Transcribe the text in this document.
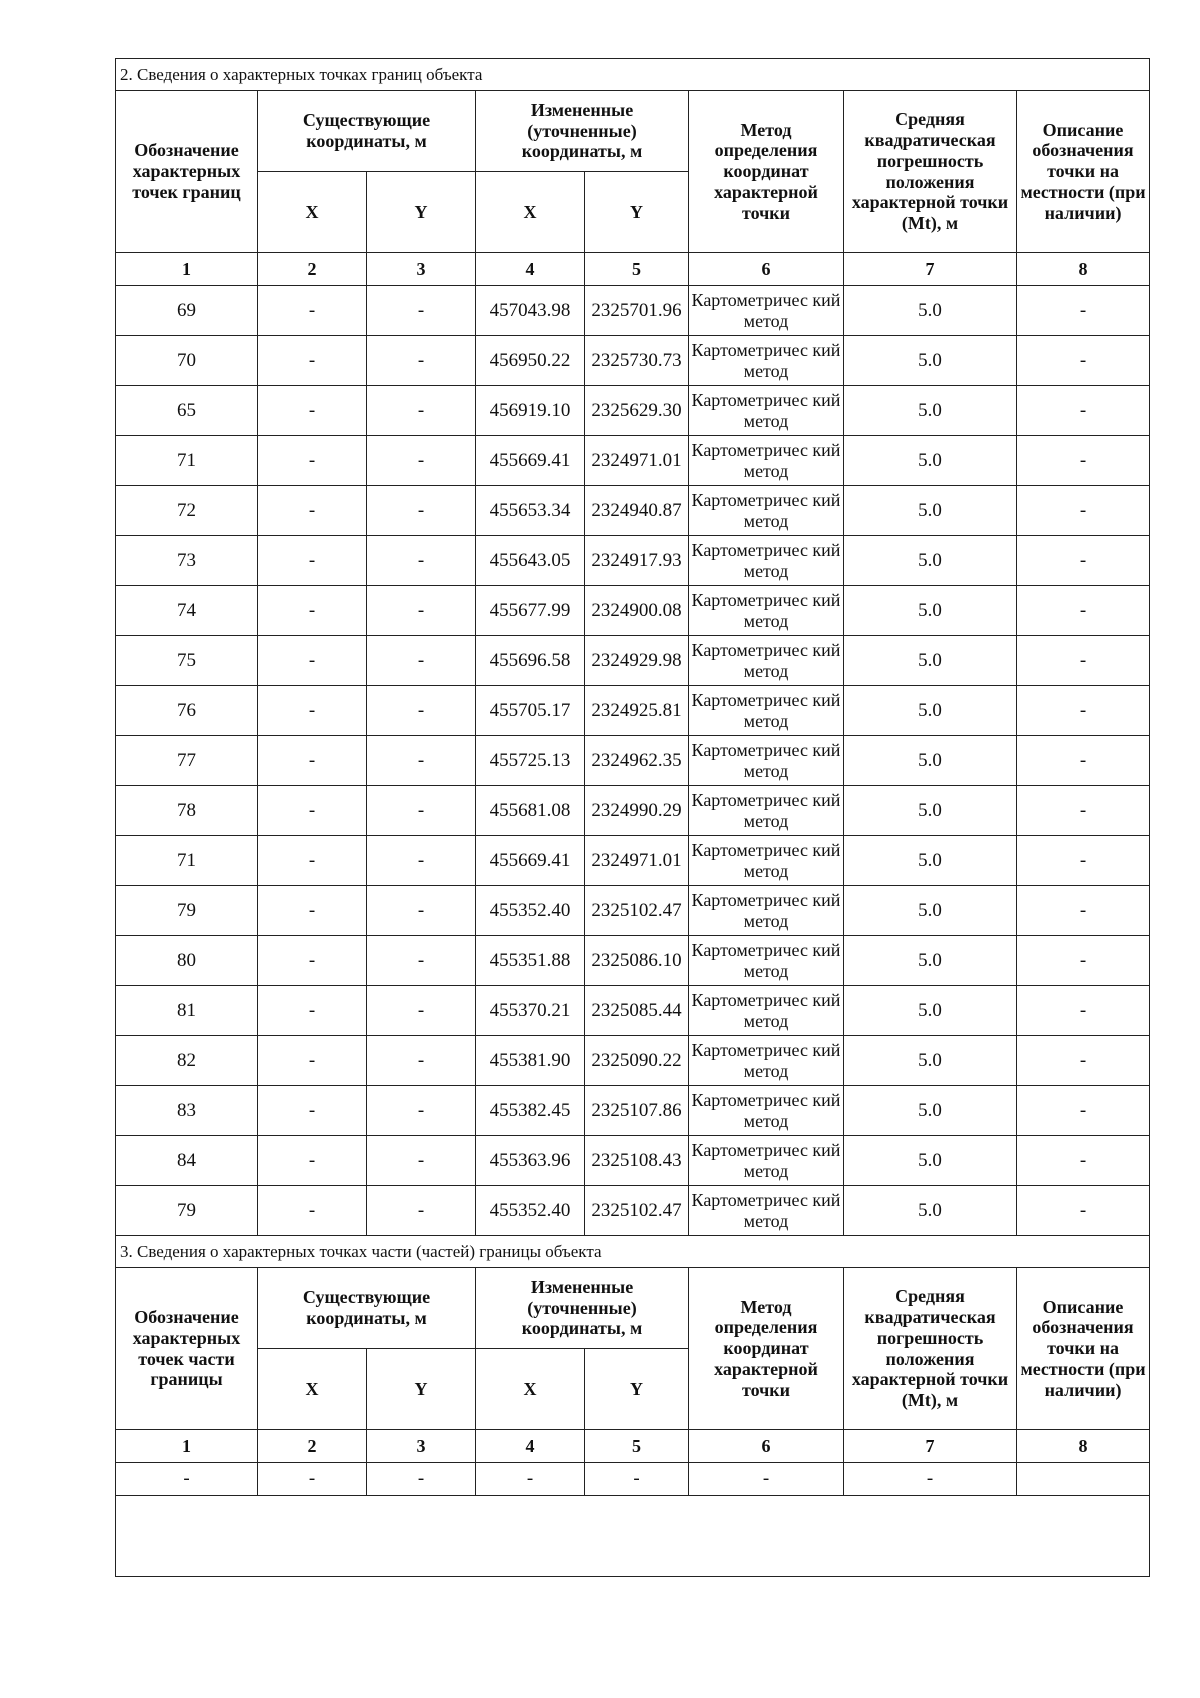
2. Сведения о характерных точках границ объекта							
Обозначение характерных точек границ	Существующие координаты, м		Измененные (уточненные) координаты, м		Метод определения координат характерной точки	Средняя квадратическая погрешность положения характерной точки (Mt), м	Описание обозначения точки на местности (при наличии)
	X	Y	X	Y			
1	2	3	4	5	6	7	8
69	-	-	457043.98	2325701.96	Картометричес кий метод	5.0	-
70	-	-	456950.22	2325730.73	Картометричес кий метод	5.0	-
65	-	-	456919.10	2325629.30	Картометричес кий метод	5.0	-
71	-	-	455669.41	2324971.01	Картометричес кий метод	5.0	-
72	-	-	455653.34	2324940.87	Картометричес кий метод	5.0	-
73	-	-	455643.05	2324917.93	Картометричес кий метод	5.0	-
74	-	-	455677.99	2324900.08	Картометричес кий метод	5.0	-
75	-	-	455696.58	2324929.98	Картометричес кий метод	5.0	-
76	-	-	455705.17	2324925.81	Картометричес кий метод	5.0	-
77	-	-	455725.13	2324962.35	Картометричес кий метод	5.0	-
78	-	-	455681.08	2324990.29	Картометричес кий метод	5.0	-
71	-	-	455669.41	2324971.01	Картометричес кий метод	5.0	-
79	-	-	455352.40	2325102.47	Картометричес кий метод	5.0	-
80	-	-	455351.88	2325086.10	Картометричес кий метод	5.0	-
81	-	-	455370.21	2325085.44	Картометричес кий метод	5.0	-
82	-	-	455381.90	2325090.22	Картометричес кий метод	5.0	-
83	-	-	455382.45	2325107.86	Картометричес кий метод	5.0	-
84	-	-	455363.96	2325108.43	Картометричес кий метод	5.0	-
79	-	-	455352.40	2325102.47	Картометричес кий метод	5.0	-
3. Сведения о характерных точках части (частей) границы объекта							
Обозначение характерных точек части границы	Существующие координаты, м		Измененные (уточненные) координаты, м		Метод определения координат характерной точки	Средняя квадратическая погрешность положения характерной точки (Mt), м	Описание обозначения точки на местности (при наличии)
	X	Y	X	Y			
1	2	3	4	5	6	7	8
-	-	-	-	-	-	-	
